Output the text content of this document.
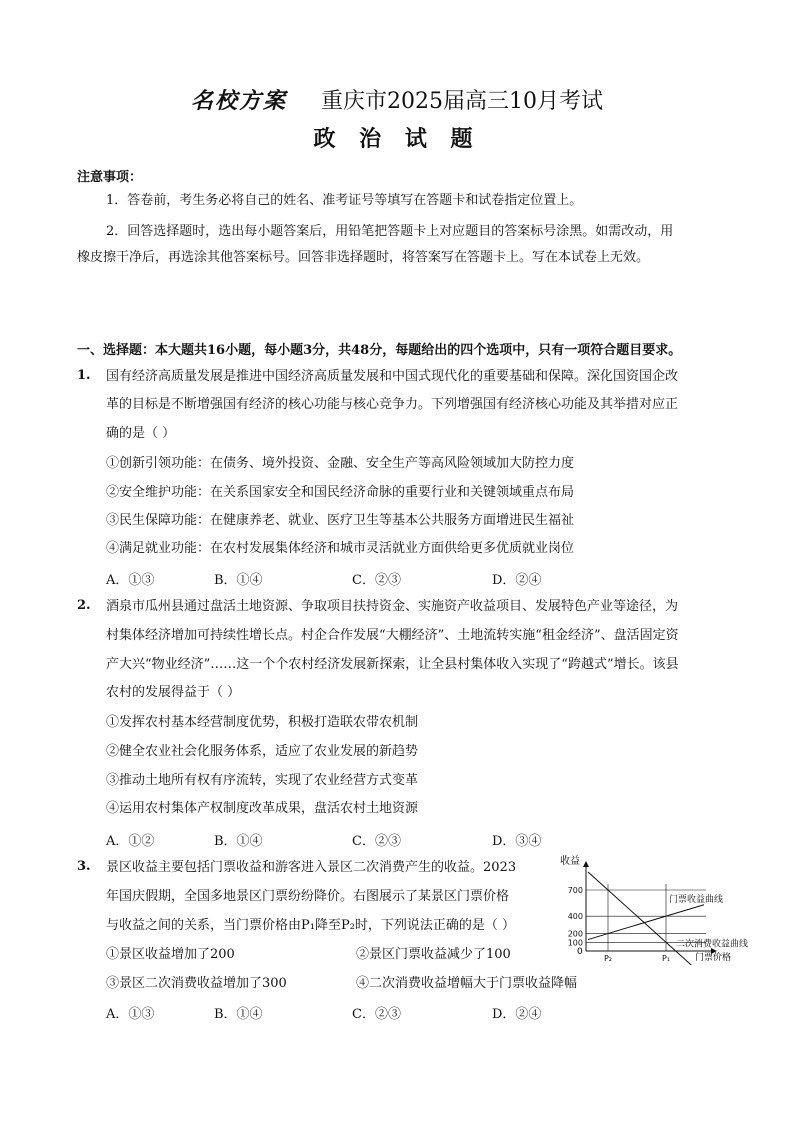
名校方案 重庆市2025届高三10月考试
政 治 试 题
注意事项：
1．答卷前，考生务必将自己的姓名、准考证号等填写在答题卡和试卷指定位置上。
2．回答选择题时，选出每小题答案后，用铅笔把答题卡上对应题目的答案标号涂黑。如需改动，用
橡皮擦干净后，再选涂其他答案标号。回答非选择题时，将答案写在答题卡上。写在本试卷上无效。
一、选择题：本大题共16小题，每小题3分，共48分，每题给出的四个选项中，只有一项符合题目要求。
1. 国有经济高质量发展是推进中国经济高质量发展和中国式现代化的重要基础和保障。深化国资国企改
革的目标是不断增强国有经济的核心功能与核心竞争力。下列增强国有经济核心功能及其举措对应正
确的是（ ）
①创新引领功能：在债务、境外投资、金融、安全生产等高风险领域加大防控力度
②安全维护功能：在关系国家安全和国民经济命脉的重要行业和关键领域重点布局
③民生保障功能：在健康养老、就业、医疗卫生等基本公共服务方面增进民生福祉
④满足就业功能：在农村发展集体经济和城市灵活就业方面供给更多优质就业岗位
A．①③	B．①④	C．②③	D．②④
2. 酒泉市瓜州县通过盘活土地资源、争取项目扶持资金、实施资产收益项目、发展特色产业等途径，为
村集体经济增加可持续性增长点。村企合作发展“大棚经济”、土地流转实施“租金经济”、盘活固定资
产大兴“物业经济”……这一个个农村经济发展新探索，让全县村集体收入实现了“跨越式”增长。该县
农村的发展得益于（ ）
①发挥农村基本经营制度优势，积极打造联农带农机制
②健全农业社会化服务体系，适应了农业发展的新趋势
③推动土地所有权有序流转，实现了农业经营方式变革
④运用农村集体产权制度改革成果，盘活农村土地资源
A．①②	B．①④	C．②③	D．③④
3. 景区收益主要包括门票收益和游客进入景区二次消费产生的收益。2023
年国庆假期，全国多地景区门票纷纷降价。右图展示了某景区门票价格
与收益之间的关系，当门票价格由P₁降至P₂时，下列说法正确的是（ ）
①景区收益增加了200	②景区门票收益减少了100
③景区二次消费收益增加了300	④二次消费收益增幅大于门票收益降幅
A．①③	B．①④	C．②③	D．②④
收益
门票价格
0
100
200
400
700
P₂	P₁
门票收益曲线
二次消费收益曲线
